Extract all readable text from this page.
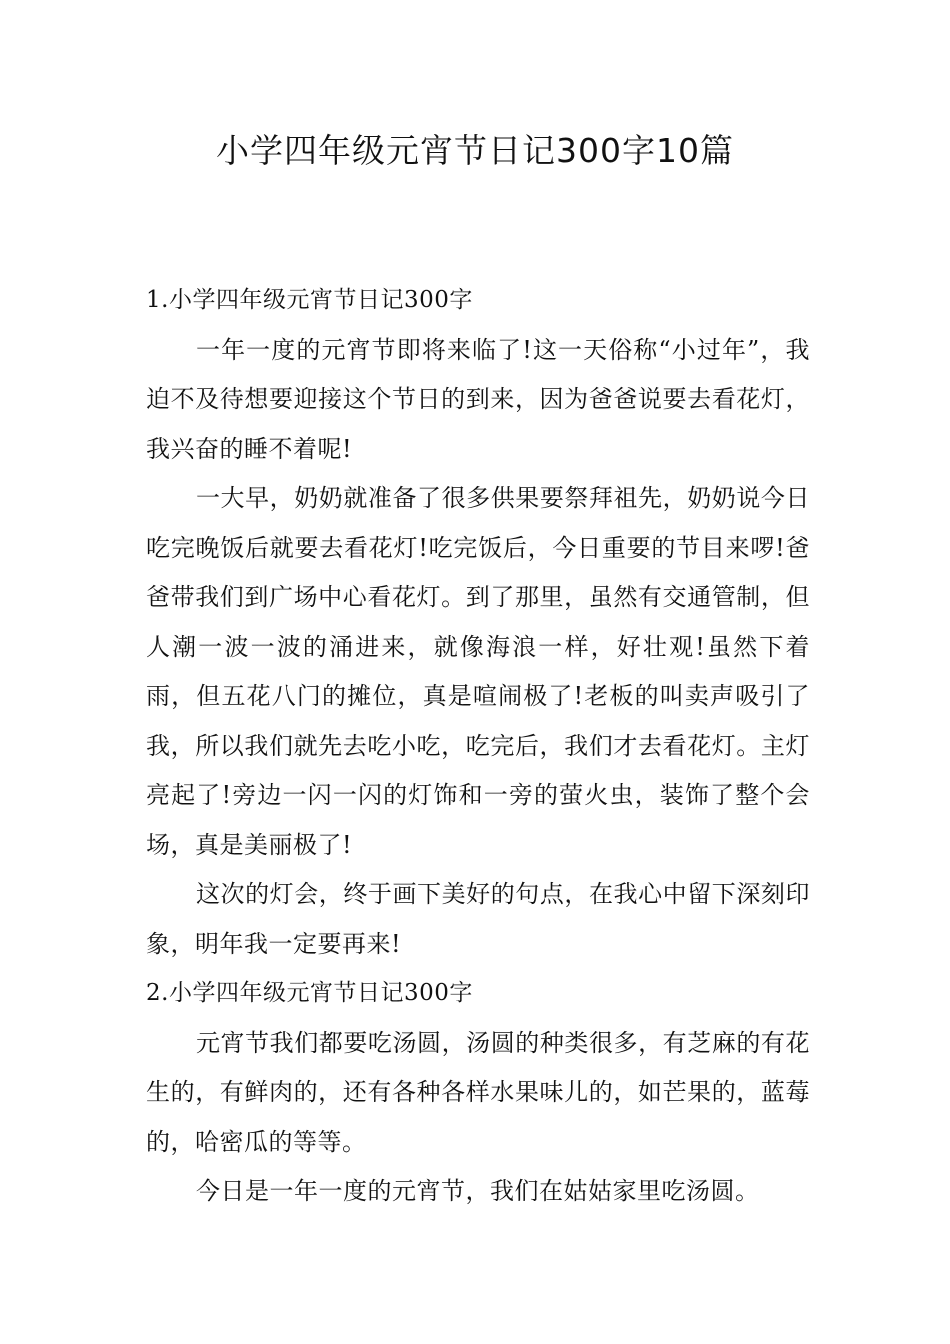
小学四年级元宵节日记300字10篇
1.小学四年级元宵节日记300字

一年一度的元宵节即将来临了!这一天俗称“小过年”，我迫不及待想要迎接这个节日的到来，因为爸爸说要去看花灯，我兴奋的睡不着呢!

一大早，奶奶就准备了很多供果要祭拜祖先，奶奶说今日吃完晚饭后就要去看花灯!吃完饭后，今日重要的节目来啰!爸爸带我们到广场中心看花灯。到了那里，虽然有交通管制，但人潮一波一波的涌进来，就像海浪一样，好壮观!虽然下着雨，但五花八门的摊位，真是喧闹极了!老板的叫卖声吸引了我，所以我们就先去吃小吃，吃完后，我们才去看花灯。主灯亮起了!旁边一闪一闪的灯饰和一旁的萤火虫，装饰了整个会场，真是美丽极了!

这次的灯会，终于画下美好的句点，在我心中留下深刻印象，明年我一定要再来!

2.小学四年级元宵节日记300字

元宵节我们都要吃汤圆，汤圆的种类很多，有芝麻的有花生的，有鲜肉的，还有各种各样水果味儿的，如芒果的，蓝莓的，哈密瓜的等等。

今日是一年一度的元宵节，我们在姑姑家里吃汤圆。
